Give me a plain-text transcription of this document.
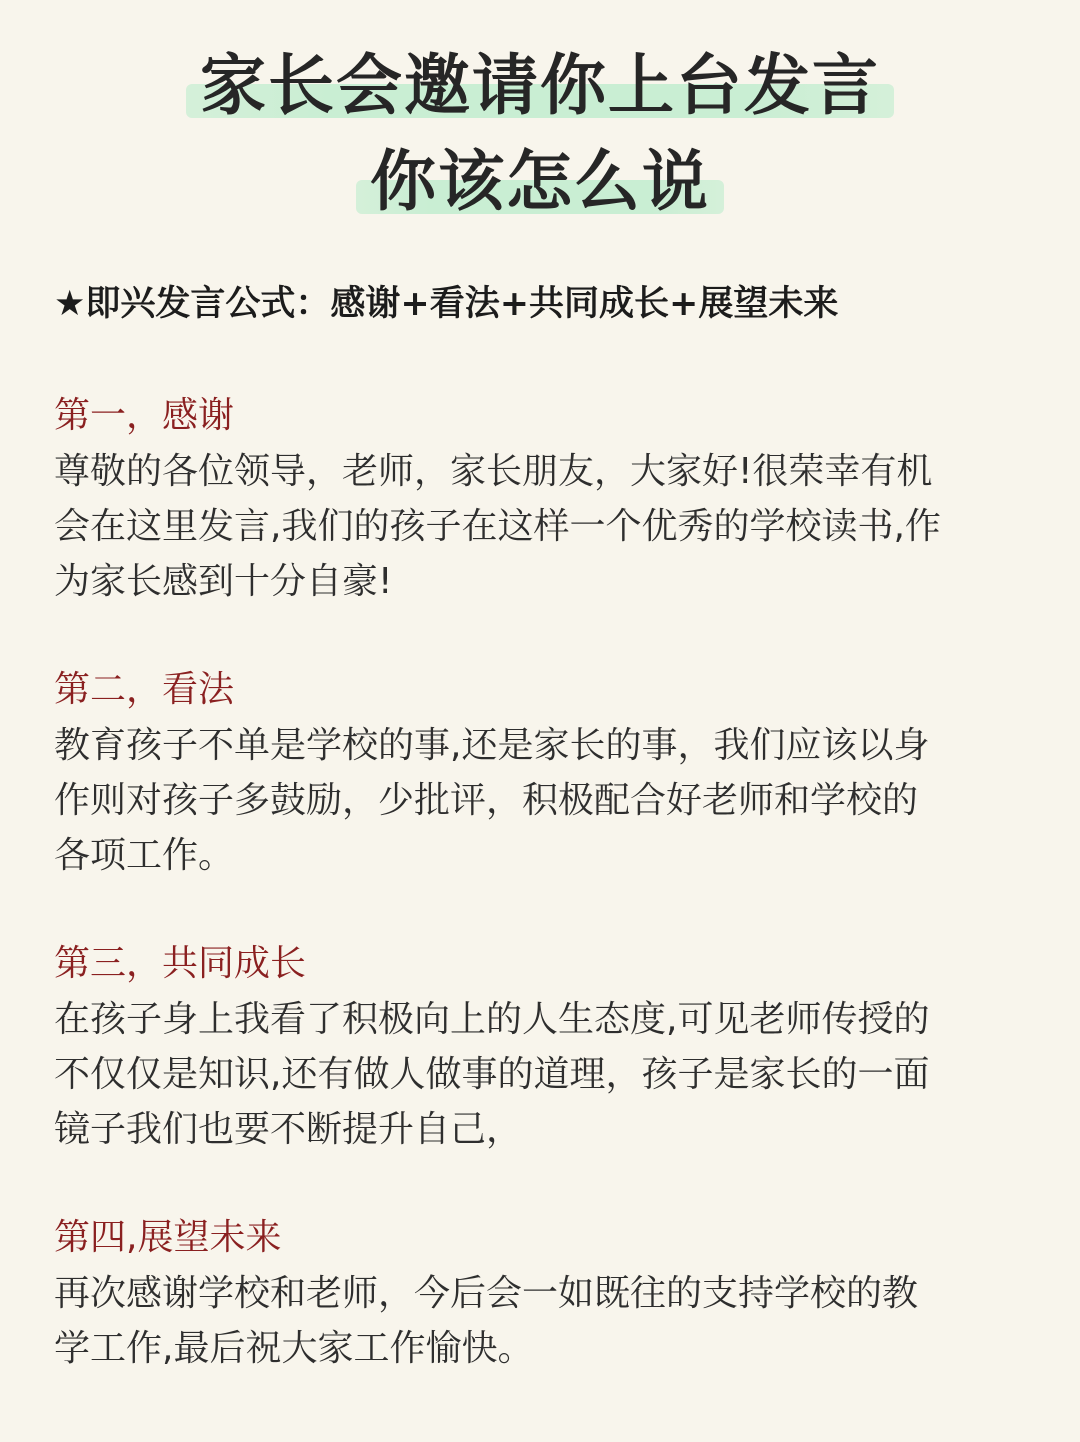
家长会邀请你上台发言
你该怎么说
★即兴发言公式：感谢+看法+共同成长+展望未来
第一，感谢
尊敬的各位领导，老师，家长朋友，大家好!很荣幸有机
会在这里发言,我们的孩子在这样一个优秀的学校读书,作
为家长感到十分自豪!
第二，看法
教育孩子不单是学校的事,还是家长的事，我们应该以身
作则对孩子多鼓励，少批评，积极配合好老师和学校的
各项工作。
第三，共同成长
在孩子身上我看了积极向上的人生态度,可见老师传授的
不仅仅是知识,还有做人做事的道理，孩子是家长的一面
镜子我们也要不断提升自己，
第四,展望未来
再次感谢学校和老师，今后会一如既往的支持学校的教
学工作,最后祝大家工作愉快。
